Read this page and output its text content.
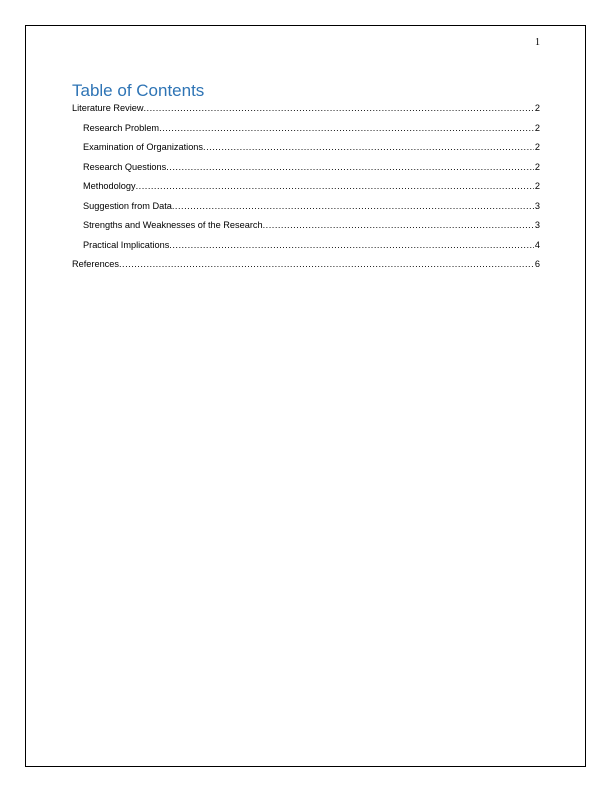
1
Table of Contents
Literature Review .....	2
Research Problem .....	2
Examination of Organizations .....	2
Research Questions .....	2
Methodology .....	2
Suggestion from Data .....	3
Strengths and Weaknesses of the Research .....	3
Practical Implications .....	4
References .....	6
